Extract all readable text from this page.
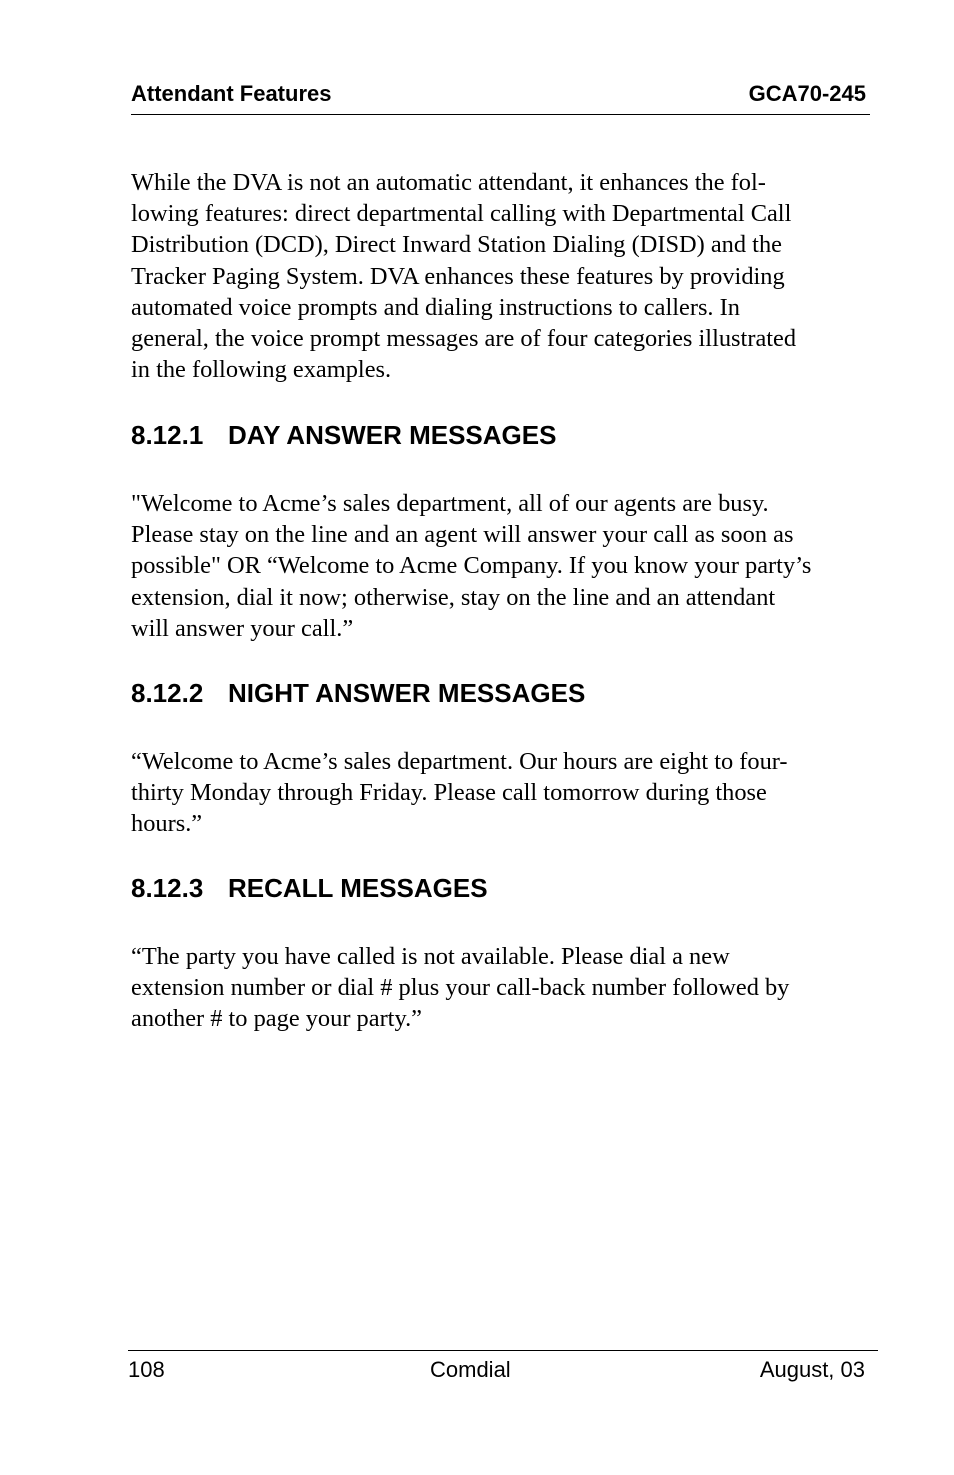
Attendant Features	GCA70-245

While the DVA is not an automatic attendant, it enhances the fol-
lowing features: direct departmental calling with Departmental Call
Distribution (DCD), Direct Inward Station Dialing (DISD) and the
Tracker Paging System. DVA enhances these features by providing
automated voice prompts and dialing instructions to callers. In
general, the voice prompt messages are of four categories illustrated
in the following examples.

8.12.1 DAY ANSWER MESSAGES

"Welcome to Acme’s sales department, all of our agents are busy.
Please stay on the line and an agent will answer your call as soon as
possible" OR “Welcome to Acme Company. If you know your party’s
extension, dial it now; otherwise, stay on the line and an attendant
will answer your call.”

8.12.2 NIGHT ANSWER MESSAGES

“Welcome to Acme’s sales department. Our hours are eight to four-
thirty Monday through Friday. Please call tomorrow during those
hours.”

8.12.3 RECALL MESSAGES

“The party you have called is not available. Please dial a new
extension number or dial # plus your call-back number followed by
another # to page your party.”

108	Comdial	August, 03
